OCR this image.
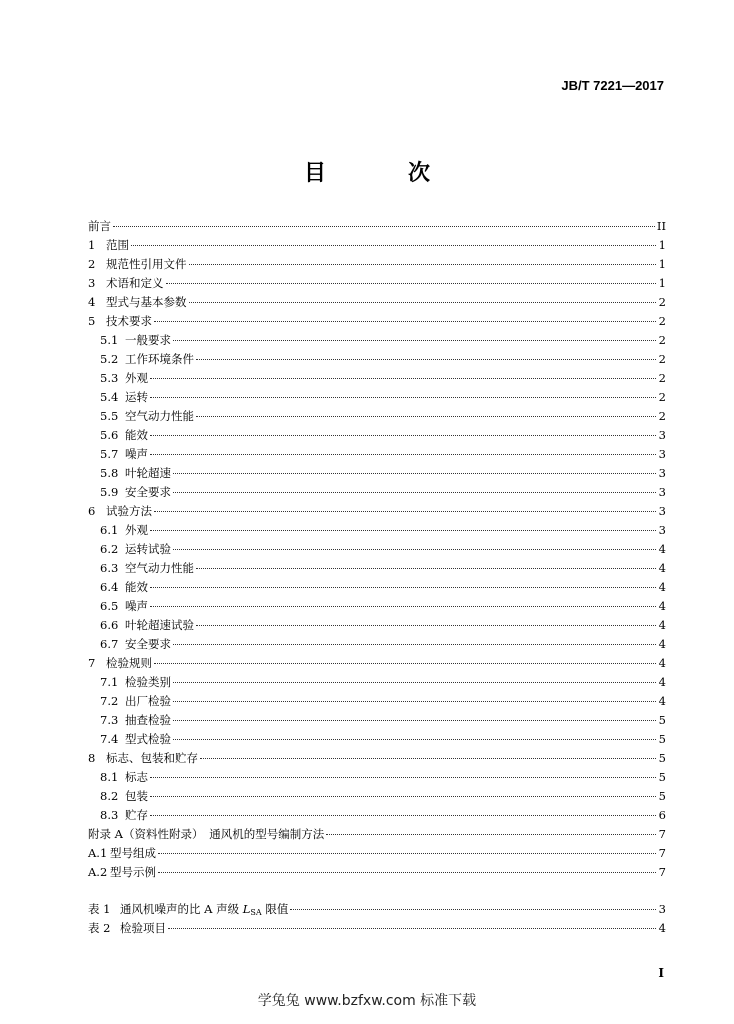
JB/T 7221—2017
目　次
前言	II
1 范围	1
2 规范性引用文件	1
3 术语和定义	1
4 型式与基本参数	2
5 技术要求	2
5.1 一般要求	2
5.2 工作环境条件	2
5.3 外观	2
5.4 运转	2
5.5 空气动力性能	2
5.6 能效	3
5.7 噪声	3
5.8 叶轮超速	3
5.9 安全要求	3
6 试验方法	3
6.1 外观	3
6.2 运转试验	4
6.3 空气动力性能	4
6.4 能效	4
6.5 噪声	4
6.6 叶轮超速试验	4
6.7 安全要求	4
7 检验规则	4
7.1 检验类别	4
7.2 出厂检验	4
7.3 抽查检验	5
7.4 型式检验	5
8 标志、包装和贮存	5
8.1 标志	5
8.2 包装	5
8.3 贮存	6
附录 A（资料性附录）　通风机的型号编制方法	7
A.1 型号组成	7
A.2 型号示例	7
表 1 通风机噪声的比 A 声级 $L_{SA}$ 限值	3
表 2 检验项目	4
I
学兔兔 www.bzfxw.com 标准下载
